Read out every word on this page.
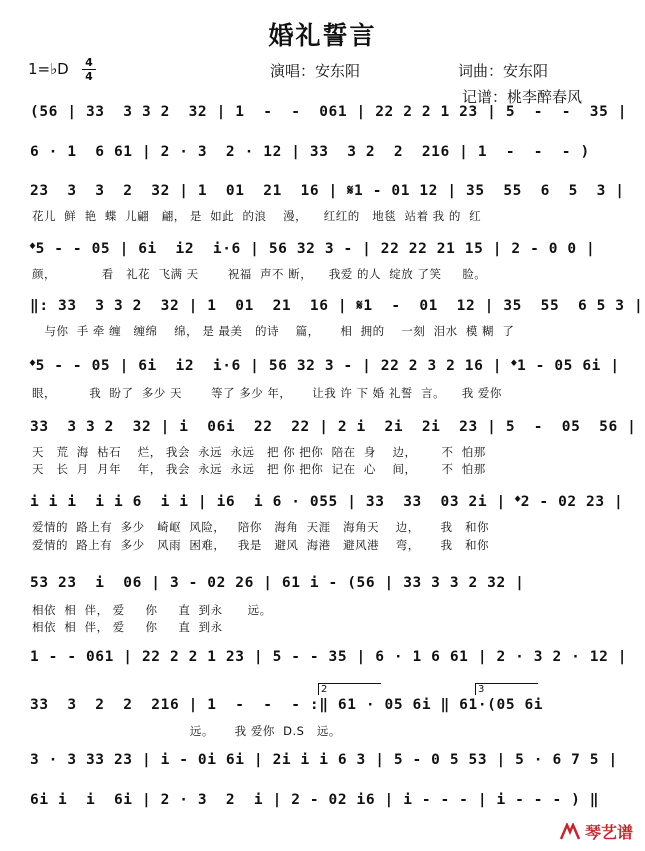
婚礼誓言
1=♭D 4
4	演唱：安东阳	词曲：安东阳
记谱：桃李醉春风
(56 | 33  3 3 2  32 | 1  -  -  061 | 22 2 2 1 23 | 5  -  -  35 |
6 · 1  6 61 | 2 · 3  2 · 12 | 33  3 2  2  216 | 1  -  -  - )
23  3  3  2  32 | 1  01  21  16 | 𝄋1 - 01 12 | 35  55  6  5  3 |
花儿  鲜  艳  蝶  儿翩   翩， 是  如此  的浪    漫，    红红的   地毯  站着 我 的  红
𝄌5 - - 05 | 6i  i2  i·6 | 56 32 3 - | 22 22 21 15 | 2 - 0 0 |
颜，           看   礼花  飞满 天       祝福  声不 断，    我爱 的人  绽放 了笑     脸。
‖: 33  3 3 2  32 | 1  01  21  16 | 𝄋1  -  01  12 | 35  55  6 5 3 |
与你  手 牵 缠   缠绵    绵， 是 最美   的诗    篇，     相  拥的    一刻  泪水  模 糊  了
𝄌5 - - 05 | 6i  i2  i·6 | 56 32 3 - | 22 2 3 2 16 | 𝄌1 - 05 6i |
眼，        我  盼了  多少 天       等了 多少 年，     让我 许 下 婚 礼誓  言。    我 爱你
33  3 3 2  32 | i  06i  22  22 | 2 i  2i  2i  23 | 5  -  05  56 |
天   荒  海  枯石    烂， 我会  永远  永远   把 你 把你  陪在  身    边，      不  怕那
天   长  月  月年    年， 我会  永远  永远   把 你 把你  记在  心    间，      不  怕那
i i i  i i 6  i i | i6  i 6 · 055 | 33  33  03 2i | 𝄌2 - 02 23 |
爱情的  路上有  多少   崎岖  风险，   陪你   海角  天涯   海角天    边，     我   和你
爱情的  路上有  多少   风雨  困难，   我是   避风  海港   避风港    弯，     我   和你
53 23  i  06 | 3 - 02 26 | 61 i - (56 | 33 3 3 2 32 |
相依  相  伴， 爱     你     直  到永      远。
相依  相  伴， 爱     你     直  到永
1 - - 061 | 22 2 2 1 23 | 5 - - 35 | 6 · 1 6 61 | 2 · 3 2 · 12 |
2	3
33  3  2  2  216 | 1  -  -  - :‖ 61 · 05 6i ‖ 61·(05 6i
远。     我 爱你  D.S   远。
3 · 3 33 23 | i - 0i 6i | 2i i i 6 3 | 5 - 0 5 53 | 5 · 6 7 5 |
6i i  i  6i | 2 · 3  2  i | 2 - 02 i6 | i - - - | i - - - ) ‖
琴艺谱
